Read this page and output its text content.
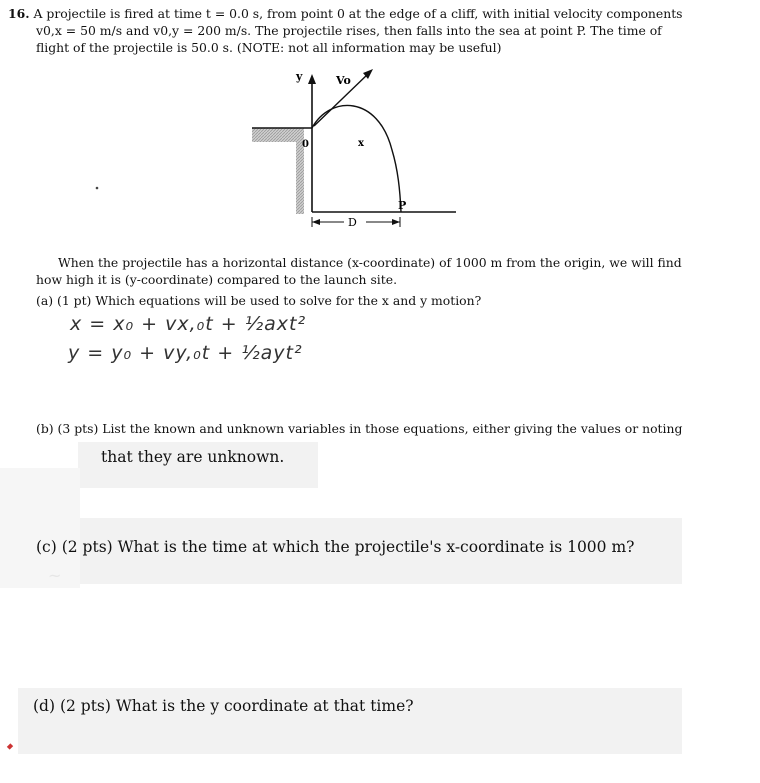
16. A projectile is fired at time t = 0.0 s, from point 0 at the edge of a cliff, with initial velocity components
v0,x = 50 m/s and v0,y = 200 m/s. The projectile rises, then falls into the sea at point P. The time of
flight of the projectile is 50.0 s. (NOTE: not all information may be useful)
y	Vo
0	x
P
D
When the projectile has a horizontal distance (x-coordinate) of 1000 m from the origin, we will find
how high it is (y-coordinate) compared to the launch site.
(a) (1 pt) Which equations will be used to solve for the x and y motion?
x = x₀ + vx,₀t + ½axt²
y = y₀ + vy,₀t + ½ayt²
(b) (3 pts) List the known and unknown variables in those equations, either giving the values or noting
that they are unknown.
~
(c) (2 pts) What is the time at which the projectile's x-coordinate is 1000 m?
(d) (2 pts) What is the y coordinate at that time?
